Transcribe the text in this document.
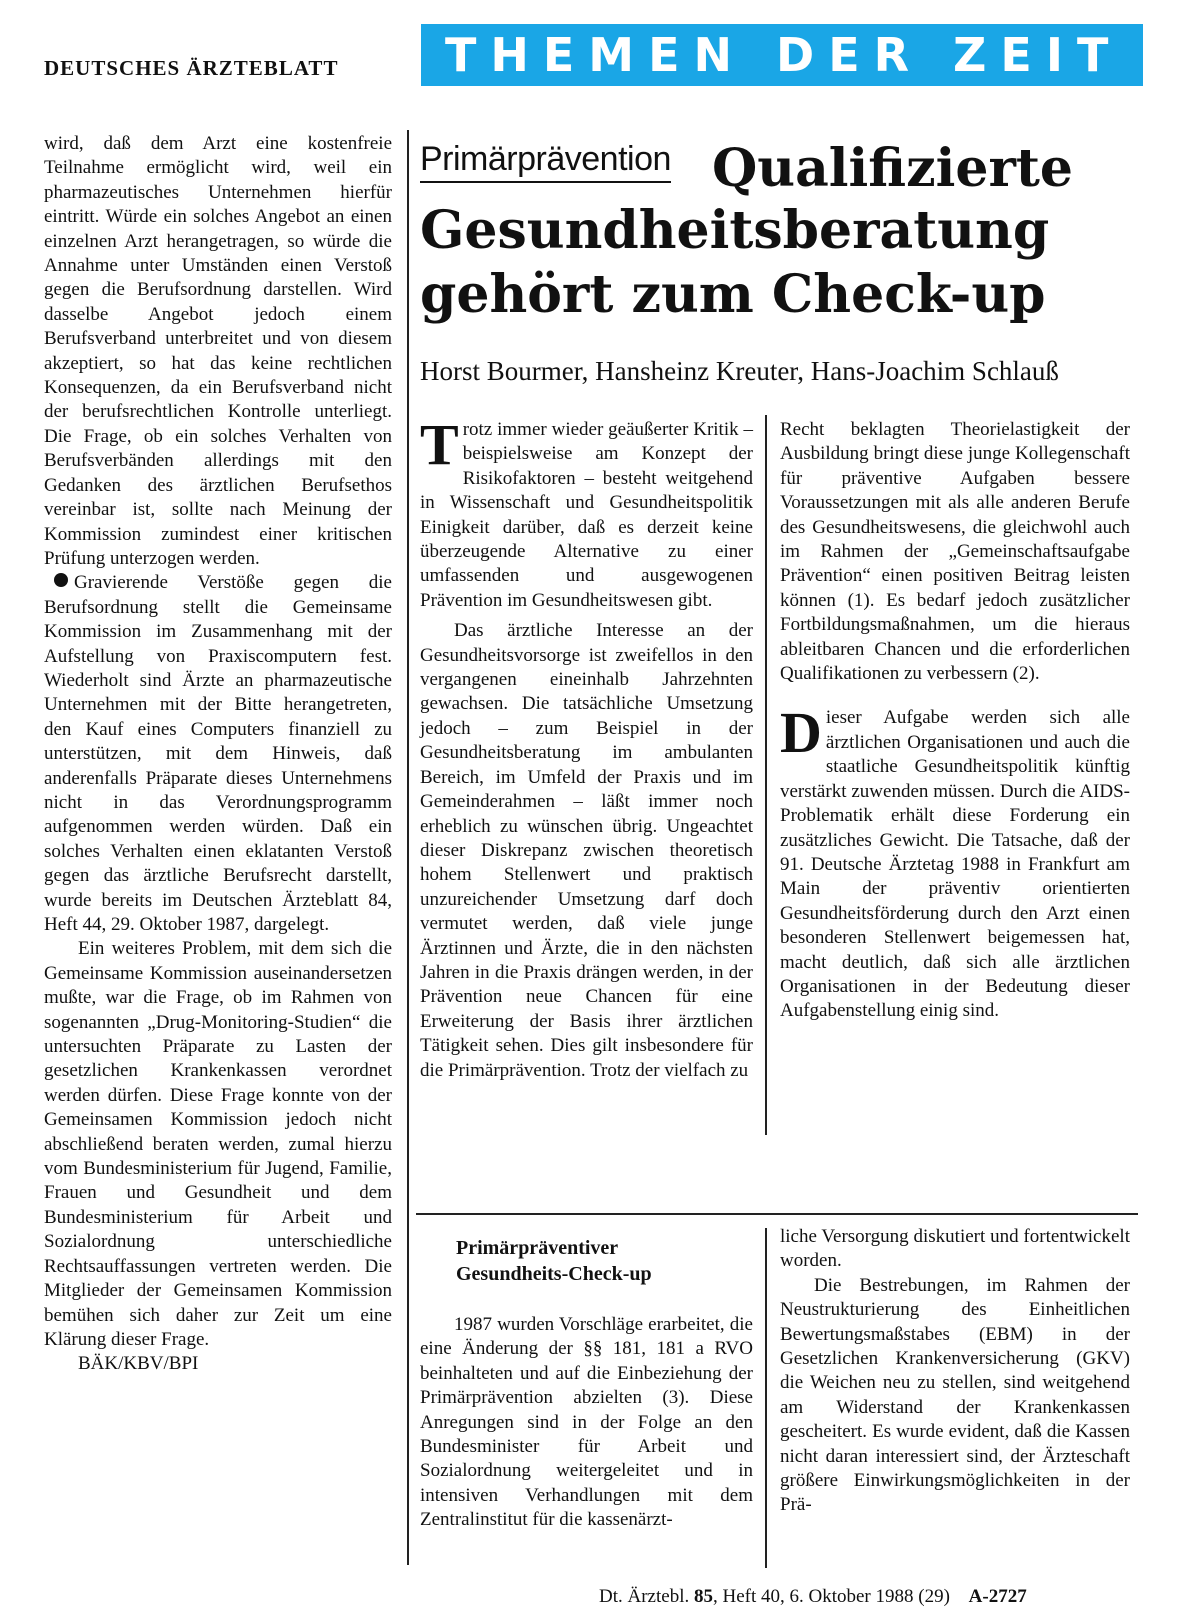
DEUTSCHES ÄRZTEBLATT	THEMEN DER ZEIT

wird, daß dem Arzt eine kostenfreie Teilnahme ermöglicht wird, weil ein pharmazeutisches Unternehmen hierfür eintritt. Würde ein solches Angebot an einen einzelnen Arzt herangetragen, so würde die Annahme unter Umständen einen Verstoß gegen die Berufsordnung darstellen. Wird dasselbe Angebot jedoch einem Berufsverband unterbreitet und von diesem akzeptiert, so hat das keine rechtlichen Konsequenzen, da ein Berufsverband nicht der berufsrechtlichen Kontrolle unterliegt. Die Frage, ob ein solches Verhalten von Berufsverbänden allerdings mit den Gedanken des ärztlichen Berufsethos vereinbar ist, sollte nach Meinung der Kommission zumindest einer kritischen Prüfung unterzogen werden.

Gravierende Verstöße gegen die Berufsordnung stellt die Gemeinsame Kommission im Zusammenhang mit der Aufstellung von Praxiscomputern fest. Wiederholt sind Ärzte an pharmazeutische Unternehmen mit der Bitte herangetreten, den Kauf eines Computers finanziell zu unterstützen, mit dem Hinweis, daß anderenfalls Präparate dieses Unternehmens nicht in das Verordnungsprogramm aufgenommen werden würden. Daß ein solches Verhalten einen eklatanten Verstoß gegen das ärztliche Berufsrecht darstellt, wurde bereits im Deutschen Ärzteblatt 84, Heft 44, 29. Oktober 1987, dargelegt.

Ein weiteres Problem, mit dem sich die Gemeinsame Kommission auseinandersetzen mußte, war die Frage, ob im Rahmen von sogenannten „Drug-Monitoring-Studien“ die untersuchten Präparate zu Lasten der gesetzlichen Krankenkassen verordnet werden dürfen. Diese Frage konnte von der Gemeinsamen Kommission jedoch nicht abschließend beraten werden, zumal hierzu vom Bundesministerium für Jugend, Familie, Frauen und Gesundheit und dem Bundesministerium für Arbeit und Sozialordnung unterschiedliche Rechtsauffassungen vertreten werden. Die Mitglieder der Gemeinsamen Kommission bemühen sich daher zur Zeit um eine Klärung dieser Frage.

BÄK/KBV/BPI

Primärprävention Qualifizierte
Gesundheitsberatung
gehört zum Check-up
Horst Bourmer, Hansheinz Kreuter, Hans-Joachim Schlauß

Trotz immer wieder geäußerter Kritik – beispielsweise am Konzept der Risikofaktoren – besteht weitgehend in Wissenschaft und Gesundheitspolitik Einigkeit darüber, daß es derzeit keine überzeugende Alternative zu einer umfassenden und ausgewogenen Prävention im Gesundheitswesen gibt.

Das ärztliche Interesse an der Gesundheitsvorsorge ist zweifellos in den vergangenen eineinhalb Jahrzehnten gewachsen. Die tatsächliche Umsetzung jedoch – zum Beispiel in der Gesundheitsberatung im ambulanten Bereich, im Umfeld der Praxis und im Gemeinderahmen – läßt immer noch erheblich zu wünschen übrig. Ungeachtet dieser Diskrepanz zwischen theoretisch hohem Stellenwert und praktisch unzureichender Umsetzung darf doch vermutet werden, daß viele junge Ärztinnen und Ärzte, die in den nächsten Jahren in die Praxis drängen werden, in der Prävention neue Chancen für eine Erweiterung der Basis ihrer ärztlichen Tätigkeit sehen. Dies gilt insbesondere für die Primärprävention. Trotz der vielfach zu

Recht beklagten Theorielastigkeit der Ausbildung bringt diese junge Kollegenschaft für präventive Aufgaben bessere Voraussetzungen mit als alle anderen Berufe des Gesundheitswesens, die gleichwohl auch im Rahmen der „Gemeinschaftsaufgabe Prävention“ einen positiven Beitrag leisten können (1). Es bedarf jedoch zusätzlicher Fortbildungsmaßnahmen, um die hieraus ableitbaren Chancen und die erforderlichen Qualifikationen zu verbessern (2).

Dieser Aufgabe werden sich alle ärztlichen Organisationen und auch die staatliche Gesundheitspolitik künftig verstärkt zuwenden müssen. Durch die AIDS-Problematik erhält diese Forderung ein zusätzliches Gewicht. Die Tatsache, daß der 91. Deutsche Ärztetag 1988 in Frankfurt am Main der präventiv orientierten Gesundheitsförderung durch den Arzt einen besonderen Stellenwert beigemessen hat, macht deutlich, daß sich alle ärztlichen Organisationen in der Bedeutung dieser Aufgabenstellung einig sind.

Primärpräventiver
Gesundheits-Check-up

1987 wurden Vorschläge erarbeitet, die eine Änderung der §§ 181, 181 a RVO beinhalteten und auf die Einbeziehung der Primärprävention abzielten (3). Diese Anregungen sind in der Folge an den Bundesminister für Arbeit und Sozialordnung weitergeleitet und in intensiven Verhandlungen mit dem Zentralinstitut für die kassenärzt-

liche Versorgung diskutiert und fortentwickelt worden.

Die Bestrebungen, im Rahmen der Neustrukturierung des Einheitlichen Bewertungsmaßstabes (EBM) in der Gesetzlichen Krankenversicherung (GKV) die Weichen neu zu stellen, sind weitgehend am Widerstand der Krankenkassen gescheitert. Es wurde evident, daß die Kassen nicht daran interessiert sind, der Ärzteschaft größere Einwirkungsmöglichkeiten in der Prä-

Dt. Ärztebl. 85, Heft 40, 6. Oktober 1988 (29) A-2727
